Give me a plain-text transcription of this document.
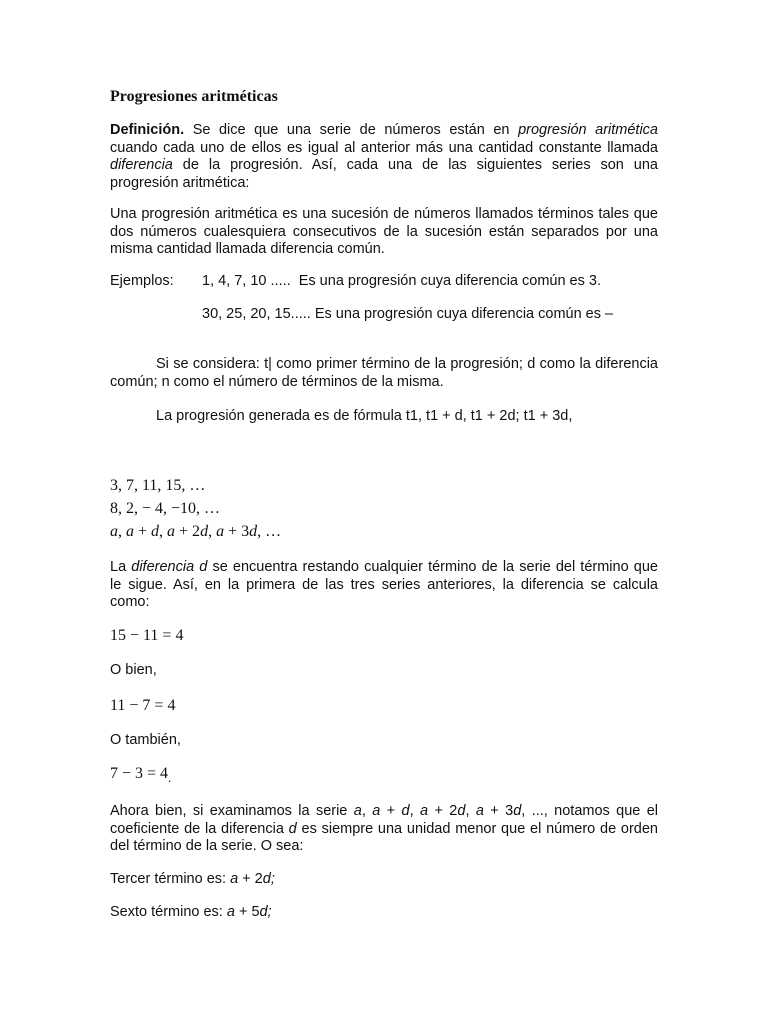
Progresiones aritméticas
Definición. Se dice que una serie de números están en progresión aritmética cuando cada uno de ellos es igual al anterior más una cantidad constante llamada diferencia de la progresión. Así, cada una de las siguientes series son una progresión aritmética:
Una progresión aritmética es una sucesión de números llamados términos tales que dos números cualesquiera consecutivos de la sucesión están separados por una misma cantidad llamada diferencia común.
Ejemplos: 1, 4, 7, 10 ..... Es una progresión cuya diferencia común es 3.
30, 25, 20, 15..... Es una progresión cuya diferencia común es –
Si se considera: t| como primer término de la progresión; d como la diferencia común; n como el número de términos de la misma.
La progresión generada es de fórmula t1, t1 + d, t1 + 2d; t1 + 3d,
3, 7, 11, 15, …
8, 2, − 4, −10, …
a, a + d, a + 2d, a + 3d, …
La diferencia d se encuentra restando cualquier término de la serie del término que le sigue. Así, en la primera de las tres series anteriores, la diferencia se calcula como:
15 − 11 = 4
O bien,
11 − 7 = 4
O también,
$7 - 3 = 4_.$
Ahora bien, si examinamos la serie a, a + d, a + 2d, a + 3d, ..., notamos que el coeficiente de la diferencia d es siempre una unidad menor que el número de orden del término de la serie. O sea:
Tercer término es: a + 2d;
Sexto término es: a + 5d;
